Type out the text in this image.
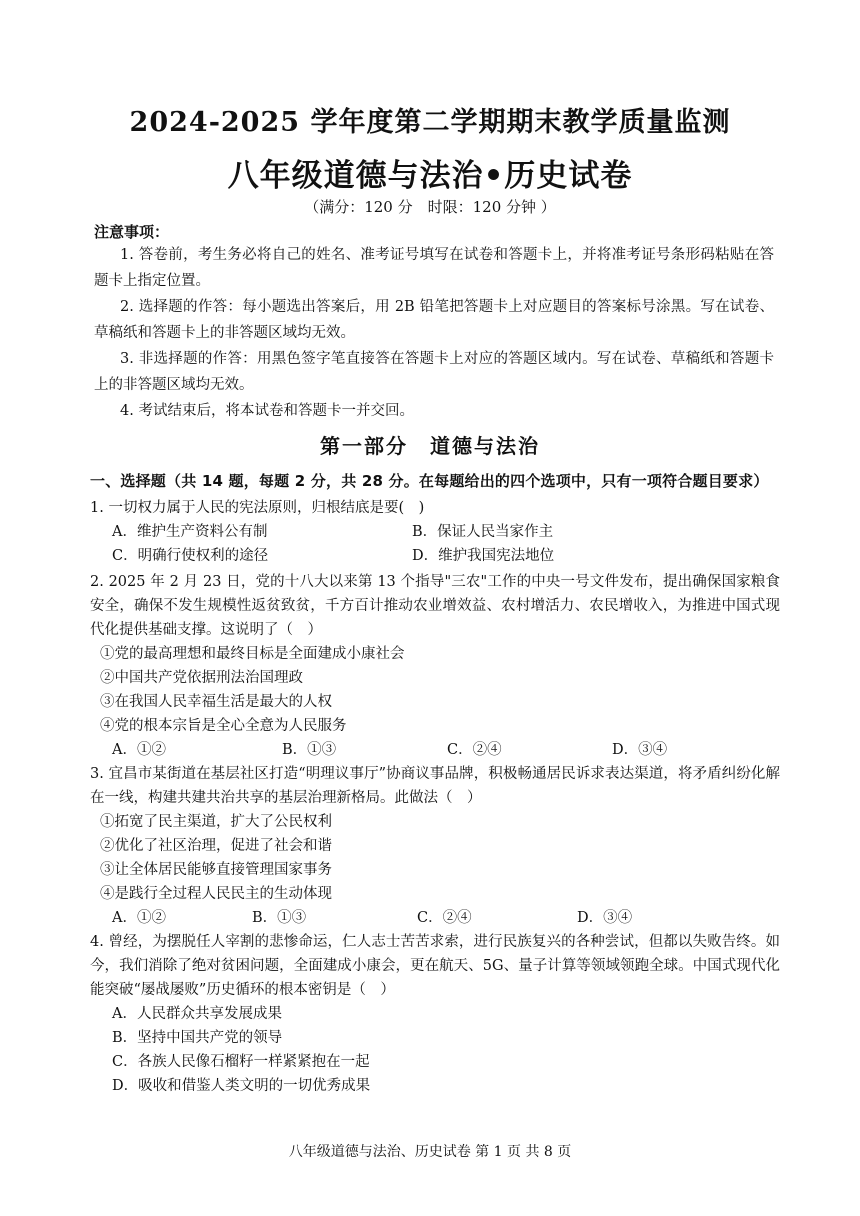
2024-2025 学年度第二学期期末教学质量监测
八年级道德与法治•历史试卷
（满分：120 分　时限：120 分钟 ）
注意事项：

1. 答卷前，考生务必将自己的姓名、准考证号填写在试卷和答题卡上，并将准考证号条形码粘贴在答题卡上指定位置。

2. 选择题的作答：每小题选出答案后，用 2B 铅笔把答题卡上对应题目的答案标号涂黑。写在试卷、草稿纸和答题卡上的非答题区域均无效。

3. 非选择题的作答：用黑色签字笔直接答在答题卡上对应的答题区域内。写在试卷、草稿纸和答题卡上的非答题区域均无效。

4. 考试结束后，将本试卷和答题卡一并交回。

第一部分　道德与法治
一、选择题（共 14 题，每题 2 分，共 28 分。在每题给出的四个选项中，只有一项符合题目要求）

1. 一切权力属于人民的宪法原则，归根结底是要(　)

A．维护生产资料公有制	B．保证人民当家作主
C．明确行使权利的途径	D．维护我国宪法地位

2. 2025 年 2 月 23 日，党的十八大以来第 13 个指导"三农"工作的中央一号文件发布，提出确保国家粮食安全，确保不发生规模性返贫致贫，千方百计推动农业增效益、农村增活力、农民增收入，为推进中国式现代化提供基础支撑。这说明了（　）

①党的最高理想和最终目标是全面建成小康社会

②中国共产党依据刑法治国理政

③在我国人民幸福生活是最大的人权

④党的根本宗旨是全心全意为人民服务

A．①②	B．①③	C．②④	D．③④

3. 宜昌市某街道在基层社区打造“明理议事厅”协商议事品牌，积极畅通居民诉求表达渠道，将矛盾纠纷化解在一线，构建共建共治共享的基层治理新格局。此做法（　）

①拓宽了民主渠道，扩大了公民权利

②优化了社区治理，促进了社会和谐

③让全体居民能够直接管理国家事务

④是践行全过程人民民主的生动体现

A．①②	B．①③	C．②④	D．③④

4. 曾经，为摆脱任人宰割的悲惨命运，仁人志士苦苦求索，进行民族复兴的各种尝试，但都以失败告终。如今，我们消除了绝对贫困问题，全面建成小康会，更在航天、5G、量子计算等领域领跑全球。中国式现代化能突破“屡战屡败”历史循环的根本密钥是（　）

A．人民群众共享发展成果

B．坚持中国共产党的领导

C．各族人民像石榴籽一样紧紧抱在一起

D．吸收和借鉴人类文明的一切优秀成果

八年级道德与法治、历史试卷 第 1 页 共 8 页
